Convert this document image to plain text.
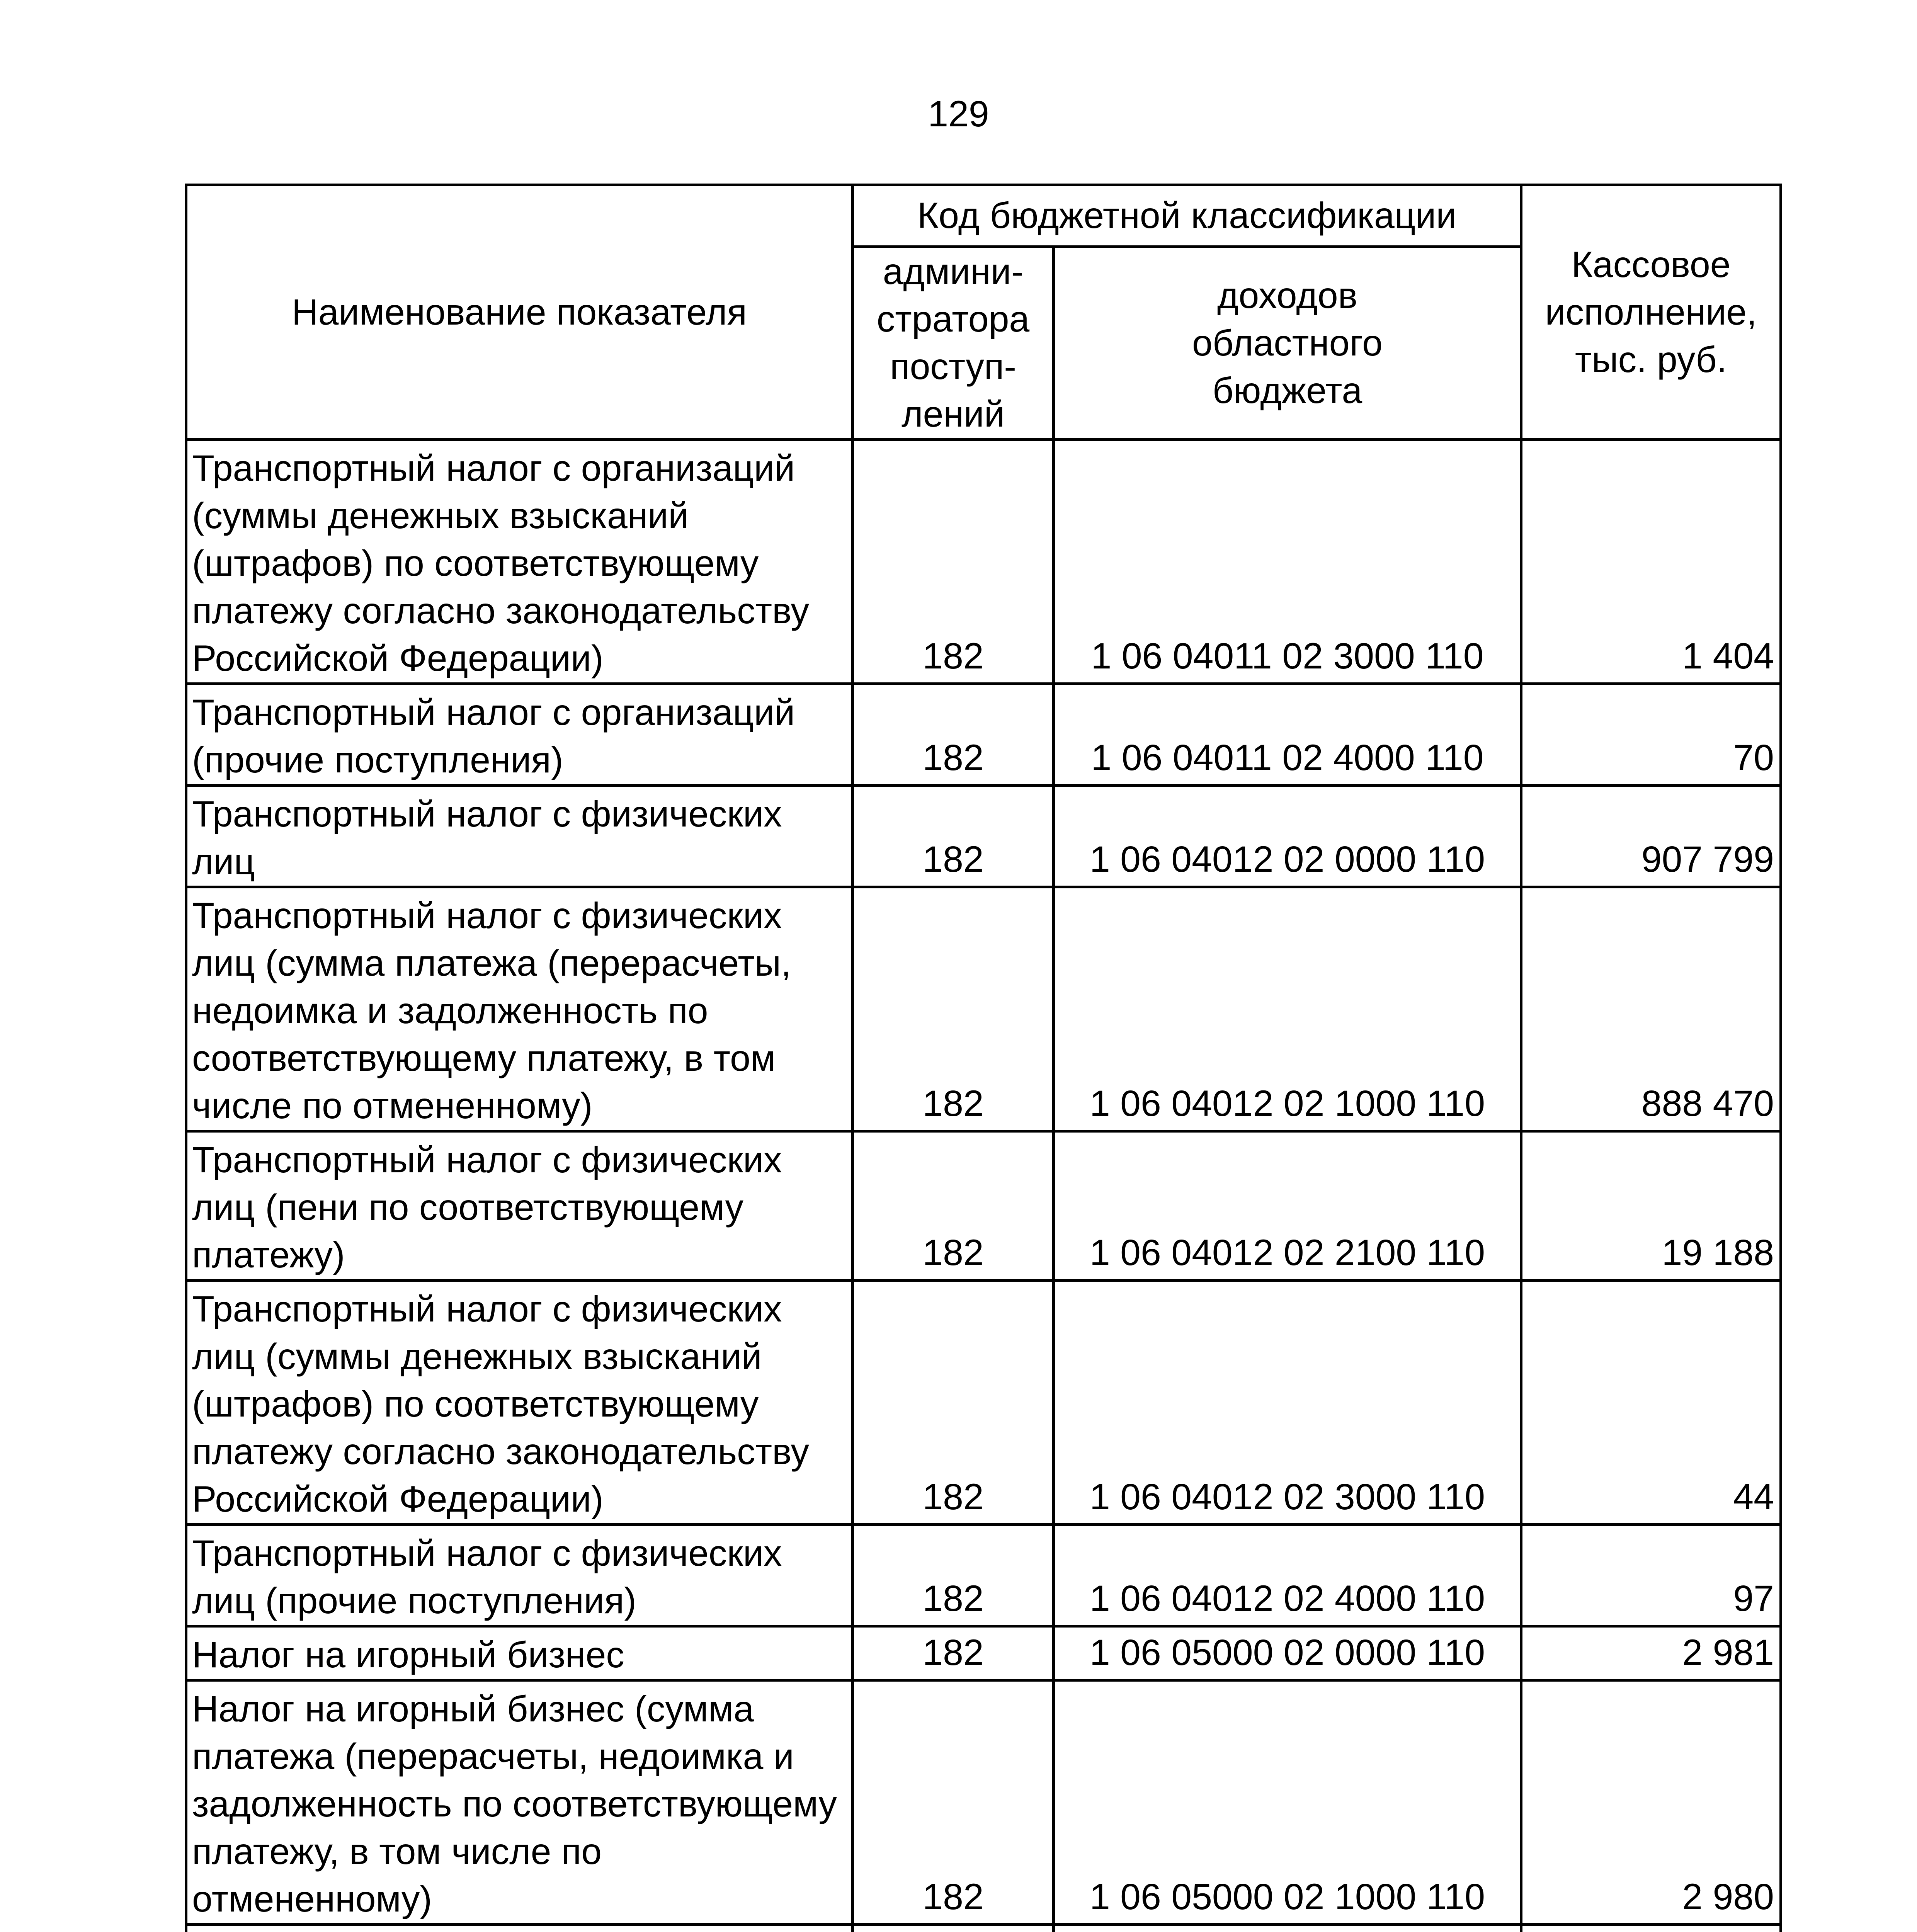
129
Наименование показателя	Код бюджетной классификации		Кассовое
исполнение,
тыс. руб.
	админи-
стратора
поступ-
лений	доходов
областного
бюджета	
Транспортный налог с организаций (суммы денежных взысканий (штрафов) по соответствующему платежу согласно законодательству Российской Федерации)	182	1 06 04011 02 3000 110	1 404
Транспортный налог с организаций (прочие поступления)	182	1 06 04011 02 4000 110	70
Транспортный налог с физических лиц	182	1 06 04012 02 0000 110	907 799
Транспортный налог с физических лиц (сумма платежа (перерасчеты, недоимка и задолженность по соответствующему платежу, в том числе по отмененному)	182	1 06 04012 02 1000 110	888 470
Транспортный налог с физических лиц (пени по соответствующему платежу)	182	1 06 04012 02 2100 110	19 188
Транспортный налог с физических лиц (суммы денежных взысканий (штрафов) по соответствующему платежу согласно законодательству Российской Федерации)	182	1 06 04012 02 3000 110	44
Транспортный налог с физических лиц (прочие поступления)	182	1 06 04012 02 4000 110	97
Налог на игорный бизнес	182	1 06 05000 02 0000 110	2 981
Налог на игорный бизнес (сумма платежа (перерасчеты, недоимка и задолженность по соответствующему платежу, в том числе по отмененному)	182	1 06 05000 02 1000 110	2 980
